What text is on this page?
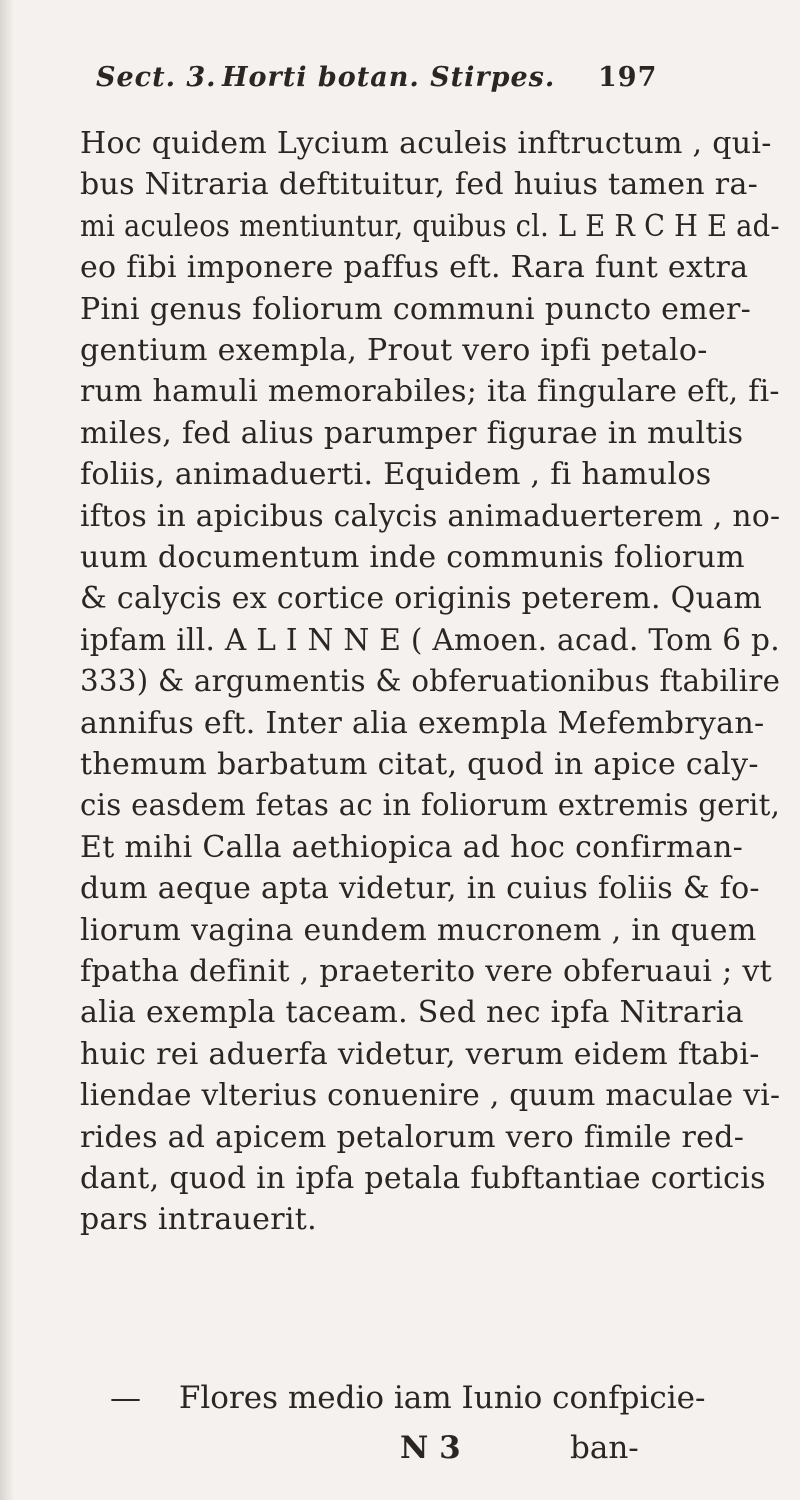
Sect. 3. Horti botan. Stirpes. 197
Hoc quidem Lycium aculeis inftructum , qui-
bus Nitraria deftituitur, fed huius tamen ra-
mi aculeos mentiuntur, quibus cl. L E R C H E ad-
eo fibi imponere paffus eft. Rara funt extra
Pini genus foliorum communi puncto emer-
gentium exempla, Prout vero ipfi petalo-
rum hamuli memorabiles; ita fingulare eft, fi-
miles, fed alius parumper figurae in multis
foliis, animaduerti. Equidem , fi hamulos
iftos in apicibus calycis animaduerterem , no-
uum documentum inde communis foliorum
& calycis ex cortice originis peterem. Quam
ipfam ill. A L I N N E ( Amoen. acad. Tom 6 p.
333) & argumentis & obferuationibus ftabilire
annifus eft. Inter alia exempla Mefembryan-
themum barbatum citat, quod in apice caly-
cis easdem fetas ac in foliorum extremis gerit,
Et mihi Calla aethiopica ad hoc confirman-
dum aeque apta videtur, in cuius foliis & fo-
liorum vagina eundem mucronem , in quem
fpatha definit , praeterito vere obferuaui ; vt
alia exempla taceam. Sed nec ipfa Nitraria
huic rei aduerfa videtur, verum eidem ftabi-
liendae vlterius conuenire , quum maculae vi-
rides ad apicem petalorum vero fimile red-
dant, quod in ipfa petala fubftantiae corticis
pars intrauerit.
— Flores medio iam Iunio confpicie-
N 3	ban-
